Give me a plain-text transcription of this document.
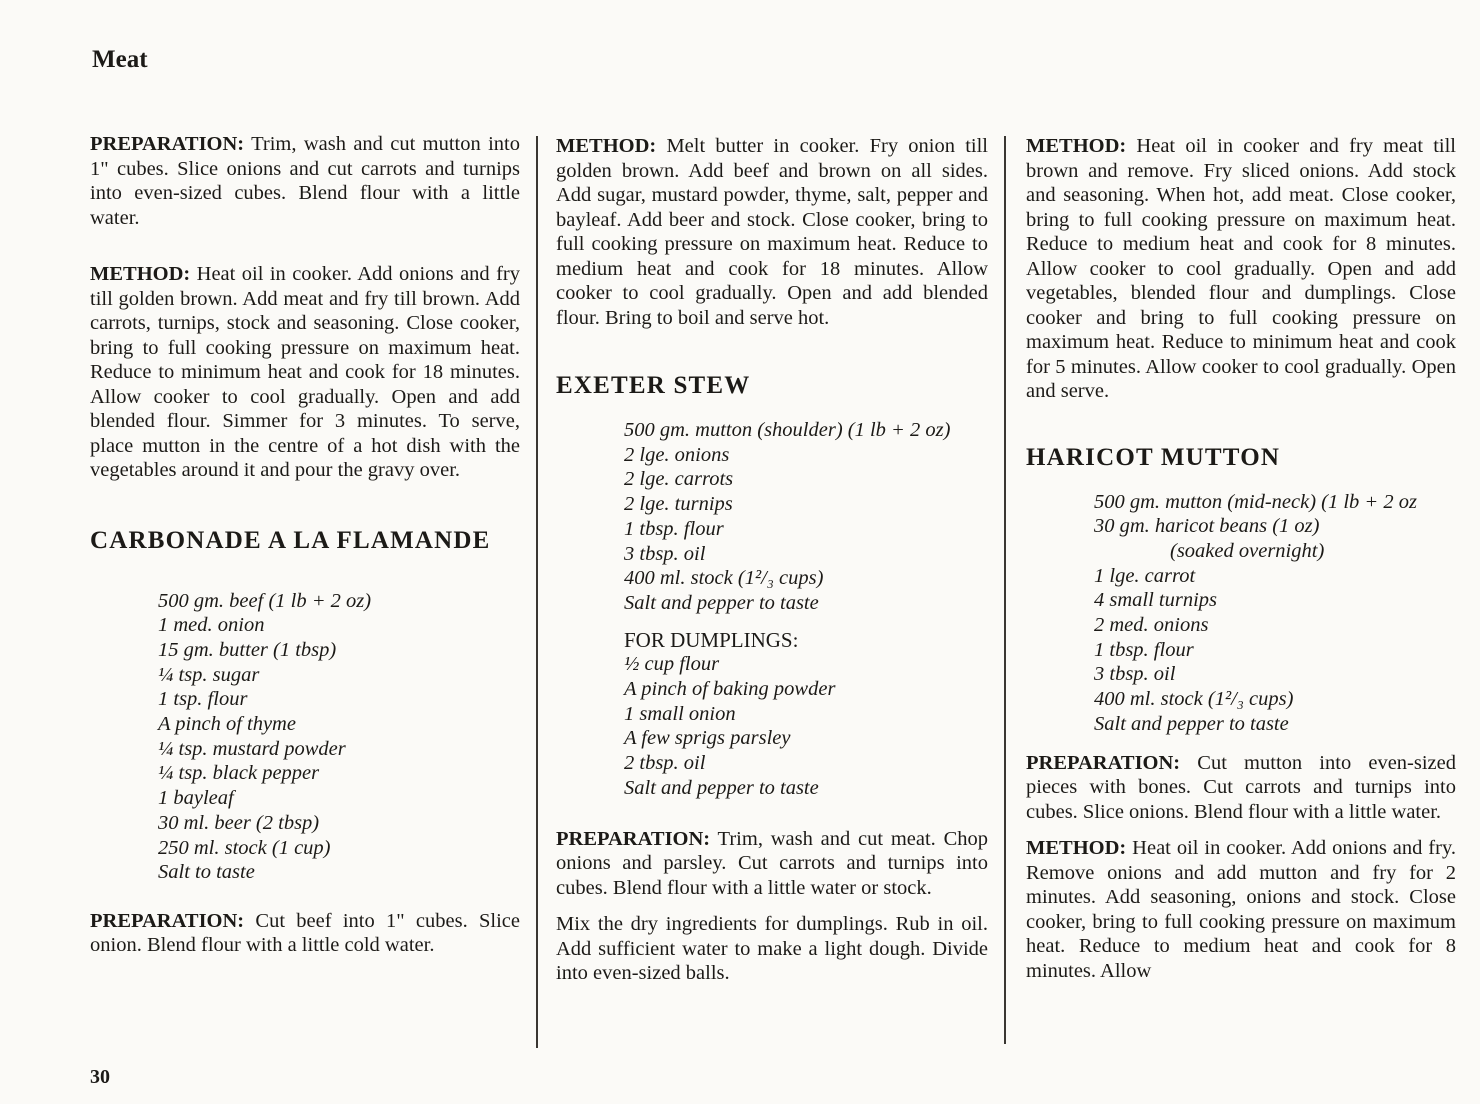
Meat

PREPARATION: Trim, wash and cut mutton into 1" cubes. Slice onions and cut carrots and turnips into even-sized cubes. Blend flour with a little water.

METHOD: Heat oil in cooker. Add onions and fry till golden brown. Add meat and fry till brown. Add carrots, turnips, stock and seasoning. Close cooker, bring to full cooking pressure on maximum heat. Reduce to minimum heat and cook for 18 minutes. Allow cooker to cool gradually. Open and add blended flour. Simmer for 3 minutes. To serve, place mutton in the centre of a hot dish with the vegetables around it and pour the gravy over.

CARBONADE A LA FLAMANDE
500 gm. beef (1 lb + 2 oz)
1 med. onion
15 gm. butter (1 tbsp)
¼ tsp. sugar
1 tsp. flour
A pinch of thyme
¼ tsp. mustard powder
¼ tsp. black pepper
1 bayleaf
30 ml. beer (2 tbsp)
250 ml. stock (1 cup)
Salt to taste

PREPARATION: Cut beef into 1" cubes. Slice onion. Blend flour with a little cold water.

METHOD: Melt butter in cooker. Fry onion till golden brown. Add beef and brown on all sides. Add sugar, mustard powder, thyme, salt, pepper and bayleaf. Add beer and stock. Close cooker, bring to full cooking pressure on maximum heat. Reduce to medium heat and cook for 18 minutes. Allow cooker to cool gradually. Open and add blended flour. Bring to boil and serve hot.

EXETER STEW
500 gm. mutton (shoulder) (1 lb + 2 oz)
2 lge. onions
2 lge. carrots
2 lge. turnips
1 tbsp. flour
3 tbsp. oil
400 ml. stock (1²/₃ cups)
Salt and pepper to taste
FOR DUMPLINGS:
½ cup flour
A pinch of baking powder
1 small onion
A few sprigs parsley
2 tbsp. oil
Salt and pepper to taste

PREPARATION: Trim, wash and cut meat. Chop onions and parsley. Cut carrots and turnips into cubes. Blend flour with a little water or stock.

Mix the dry ingredients for dumplings. Rub in oil. Add sufficient water to make a light dough. Divide into even-sized balls.

METHOD: Heat oil in cooker and fry meat till brown and remove. Fry sliced onions. Add stock and seasoning. When hot, add meat. Close cooker, bring to full cooking pressure on maximum heat. Reduce to medium heat and cook for 8 minutes. Allow cooker to cool gradually. Open and add vegetables, blended flour and dumplings. Close cooker and bring to full cooking pressure on maximum heat. Reduce to minimum heat and cook for 5 minutes. Allow cooker to cool gradually. Open and serve.

HARICOT MUTTON
500 gm. mutton (mid-neck) (1 lb + 2 oz
30 gm. haricot beans (1 oz)
(soaked overnight)
1 lge. carrot
4 small turnips
2 med. onions
1 tbsp. flour
3 tbsp. oil
400 ml. stock (1²/₃ cups)
Salt and pepper to taste

PREPARATION: Cut mutton into even-sized pieces with bones. Cut carrots and turnips into cubes. Slice onions. Blend flour with a little water.

METHOD: Heat oil in cooker. Add onions and fry. Remove onions and add mutton and fry for 2 minutes. Add seasoning, onions and stock. Close cooker, bring to full cooking pressure on maximum heat. Reduce to medium heat and cook for 8 minutes. Allow

30
